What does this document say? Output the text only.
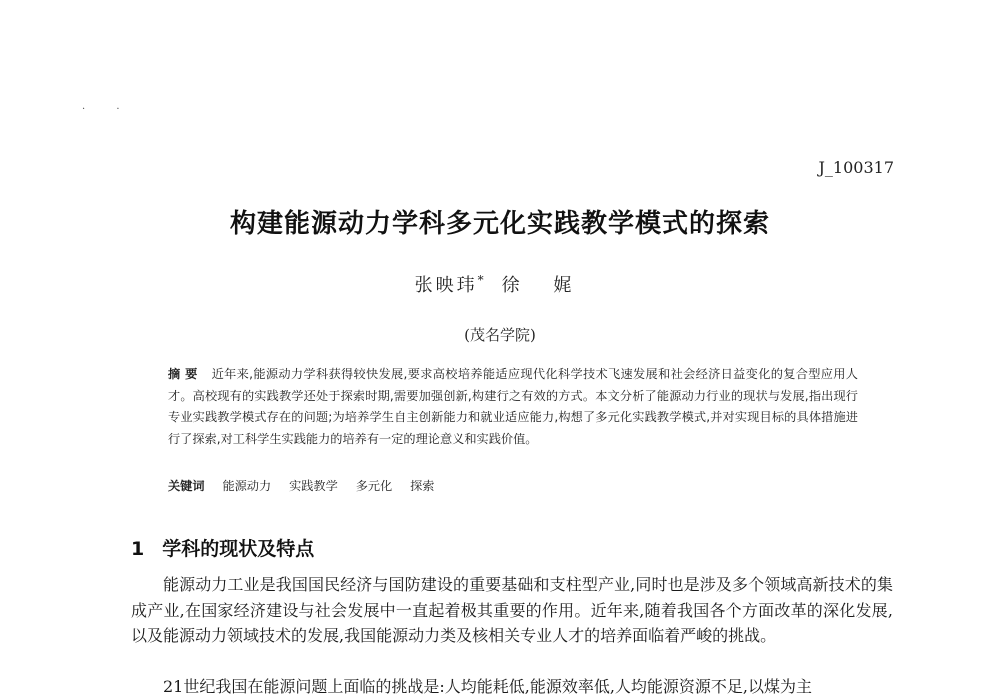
· ·
J_100317
构建能源动力学科多元化实践教学模式的探索
张映玮* 徐 娓
(茂名学院)
摘 要 近年来,能源动力学科获得较快发展,要求高校培养能适应现代化科学技术飞速发展和社会经济日益变化的复合型应用人才。高校现有的实践教学还处于探索时期,需要加强创新,构建行之有效的方式。本文分析了能源动力行业的现状与发展,指出现行专业实践教学模式存在的问题;为培养学生自主创新能力和就业适应能力,构想了多元化实践教学模式,并对实现目标的具体措施进行了探索,对工科学生实践能力的培养有一定的理论意义和实践价值。
关键词 能源动力 实践教学 多元化 探索
1 学科的现状及特点

能源动力工业是我国国民经济与国防建设的重要基础和支柱型产业,同时也是涉及多个领域高新技术的集成产业,在国家经济建设与社会发展中一直起着极其重要的作用。近年来,随着我国各个方面改革的深化发展,以及能源动力领域技术的发展,我国能源动力类及核相关专业人才的培养面临着严峻的挑战。

21世纪我国在能源问题上面临的挑战是:人均能耗低,能源效率低,人均能源资源不足,以煤为主
